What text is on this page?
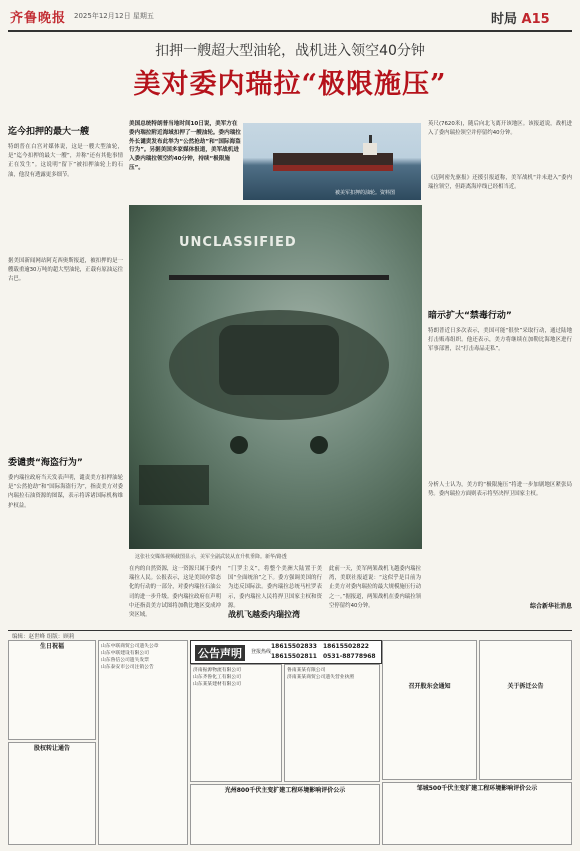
齐鲁晚报 2025年12月12日 星期五	时局 A15
扣押一艘超大型油轮，战机进入领空40分钟
美对委内瑞拉“极限施压”
迄今扣押的最大一艘
特朗普在白宫对媒体说，这是一艘大型油轮，是“迄今扣押的最大一艘”，并称“还有其他事情正在发生”。这说明“留下”被扣押油轮上的石油，他没有透露更多细节。
据美国新闻网站阿克西奥斯报道，被扣押的是一艘载重逾30万吨的超大型油轮，正载有原油运往古巴。
委谴责“海盗行为”
委内瑞拉政府当天发表声明，谴责美方扣押油轮是“公然抢劫”和“国际海盗行为”，指责美方对委内瑞拉石油资源的图谋，表示将诉诸国际机构维护权益。
美国总统特朗普当地时间10日说，美军方在委内瑞拉附近海域扣押了一艘油轮。委内瑞拉外长谴责发布此举为“公然抢劫”和“国际海盗行为”。另据美国多家媒体报道，美军战机进入委内瑞拉领空约40分钟，持续“极限施压”。
被美军扣押的油轮。资料图
UNCLASSIFIED
这张社交媒体视频截图显示，美军全副武装从直升机垂降。新华/路透
在内的自然资源，这一资源只属于委内瑞拉人民。公报表示，这是美国亦常态化的行动的一部分，对委内瑞拉石油公司的进一步升级。委内瑞拉政府在声明中还指责美方试图将加勒比地区变成冲突区域。
“门罗主义”，将整个美洲大陆置于美国“全面统治”之下。委方强调美国的行为违反国际法。委内瑞拉总统马杜罗表示，委内瑞拉人民将捍卫国家主权和资源。
战机飞越委内瑞拉湾
此前一天，美军两架战机飞越委内瑞拉湾，美联社报道说：“这似乎是目前为止美方对委内瑞拉的最大规模施压行动之一。”据报道，两架战机在委内瑞拉领空停留约40分钟。
英尺(7620米)，随后向北飞离开该地区。该报道说，战机进入了委内瑞拉领空并停留约40分钟。
《迈阿密先驱报》还援引报道称，美军战机“并未进入”委内瑞拉领空，但距离海岸线已经相当近。
暗示扩大“禁毒行动”
特朗普近日多次表示，美国可能“很快”采取行动，通过陆地打击贩毒组织。他还表示，美方将继续在加勒比海地区进行军事部署，以“打击毒品走私”。
分析人士认为，美方的“极限施压”将进一步加剧地区紧张局势。委内瑞拉方面则表示将坚决捍卫国家主权。
综合新华社消息
编辑：赵世峰 组版：顾莉
生日祝福
股权转让通告
山东中联商贸公司遗失公章
山东中联建设有限公司
山东鲁信公司遗失发票
山东泰安市公司注销公告
公告声明	登报热线
18615502833 18615502822
18615502811 0531-88778968
济南振源物流有限公司
山东齐鲁化工有限公司
山东某某建材有限公司
鲁南某某有限公司
济南某某商贸公司遗失营业执照
光州800千伏主变扩建工程环境影响评价公示
召开股东会通知	关于拆迁公告
邹城500千伏主变扩建工程环境影响评价公示
